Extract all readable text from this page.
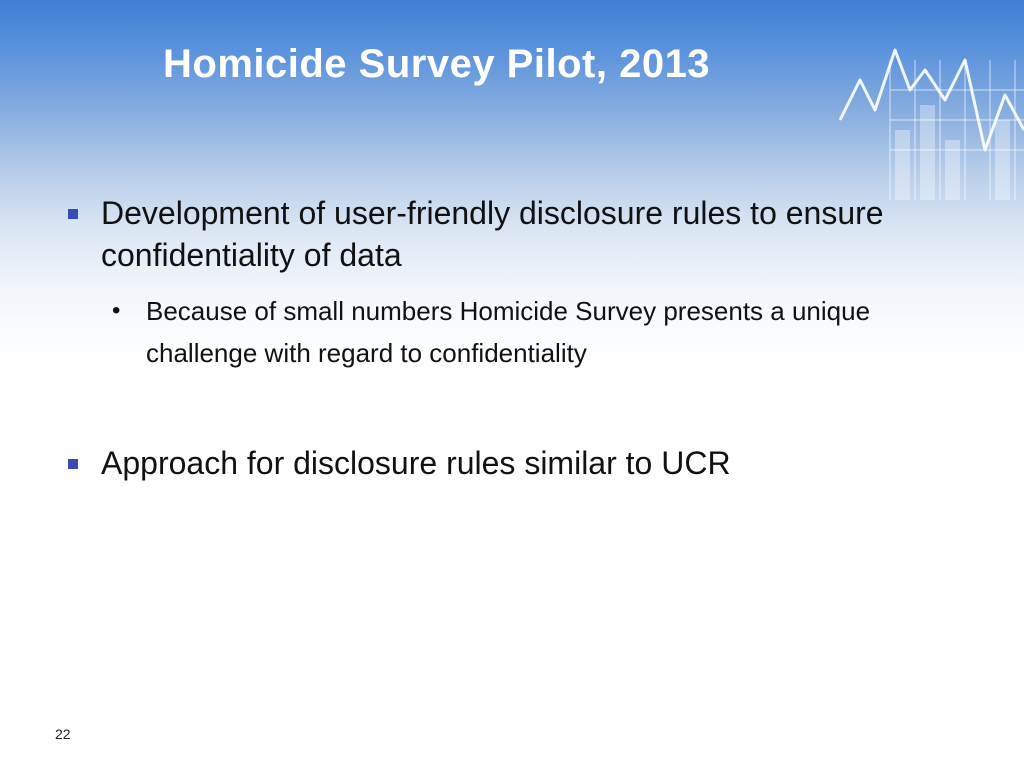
Homicide Survey Pilot, 2013
Development of user-friendly disclosure rules to ensure confidentiality of data
• Because of small numbers Homicide Survey presents a unique challenge with regard to confidentiality
Approach for disclosure rules similar to UCR
22
